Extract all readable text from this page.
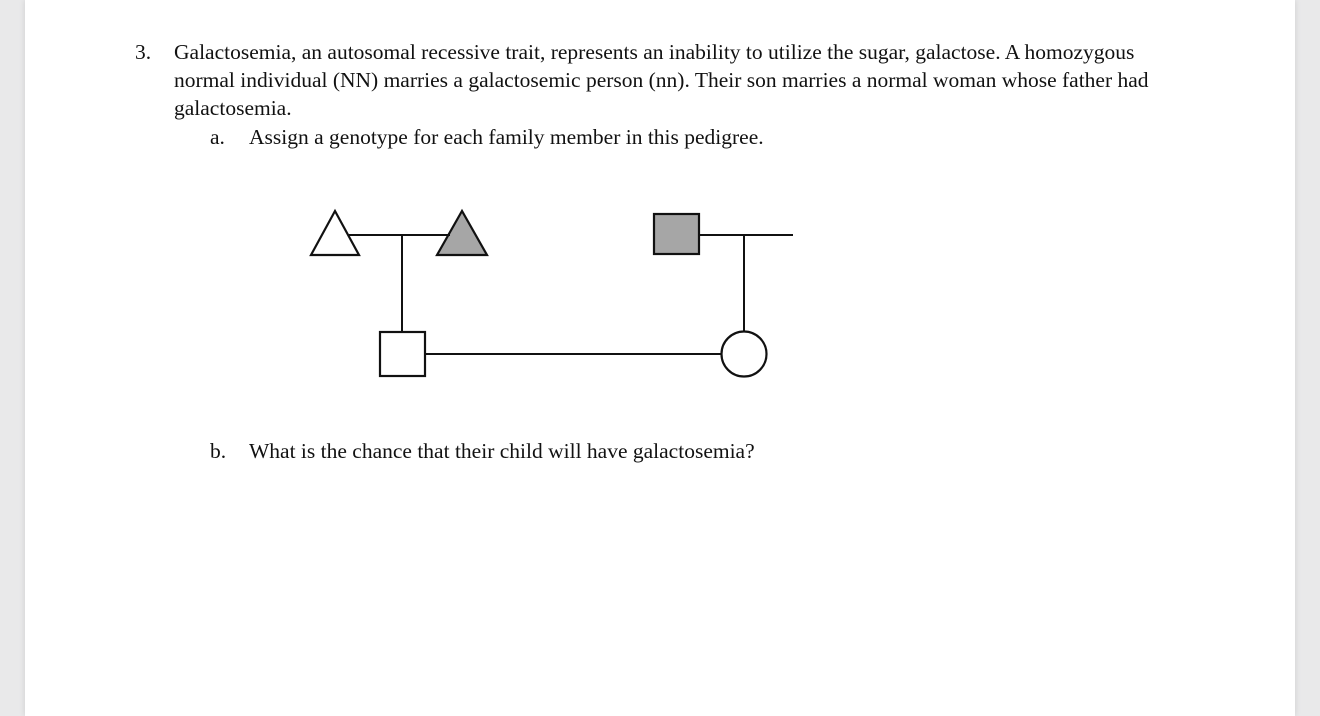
3. Galactosemia, an autosomal recessive trait, represents an inability to utilize the sugar, galactose. A homozygous
normal individual (NN) marries a galactosemic person (nn). Their son marries a normal woman whose father had
galactosemia.
a. Assign a genotype for each family member in this pedigree.
b. What is the chance that their child will have galactosemia?
